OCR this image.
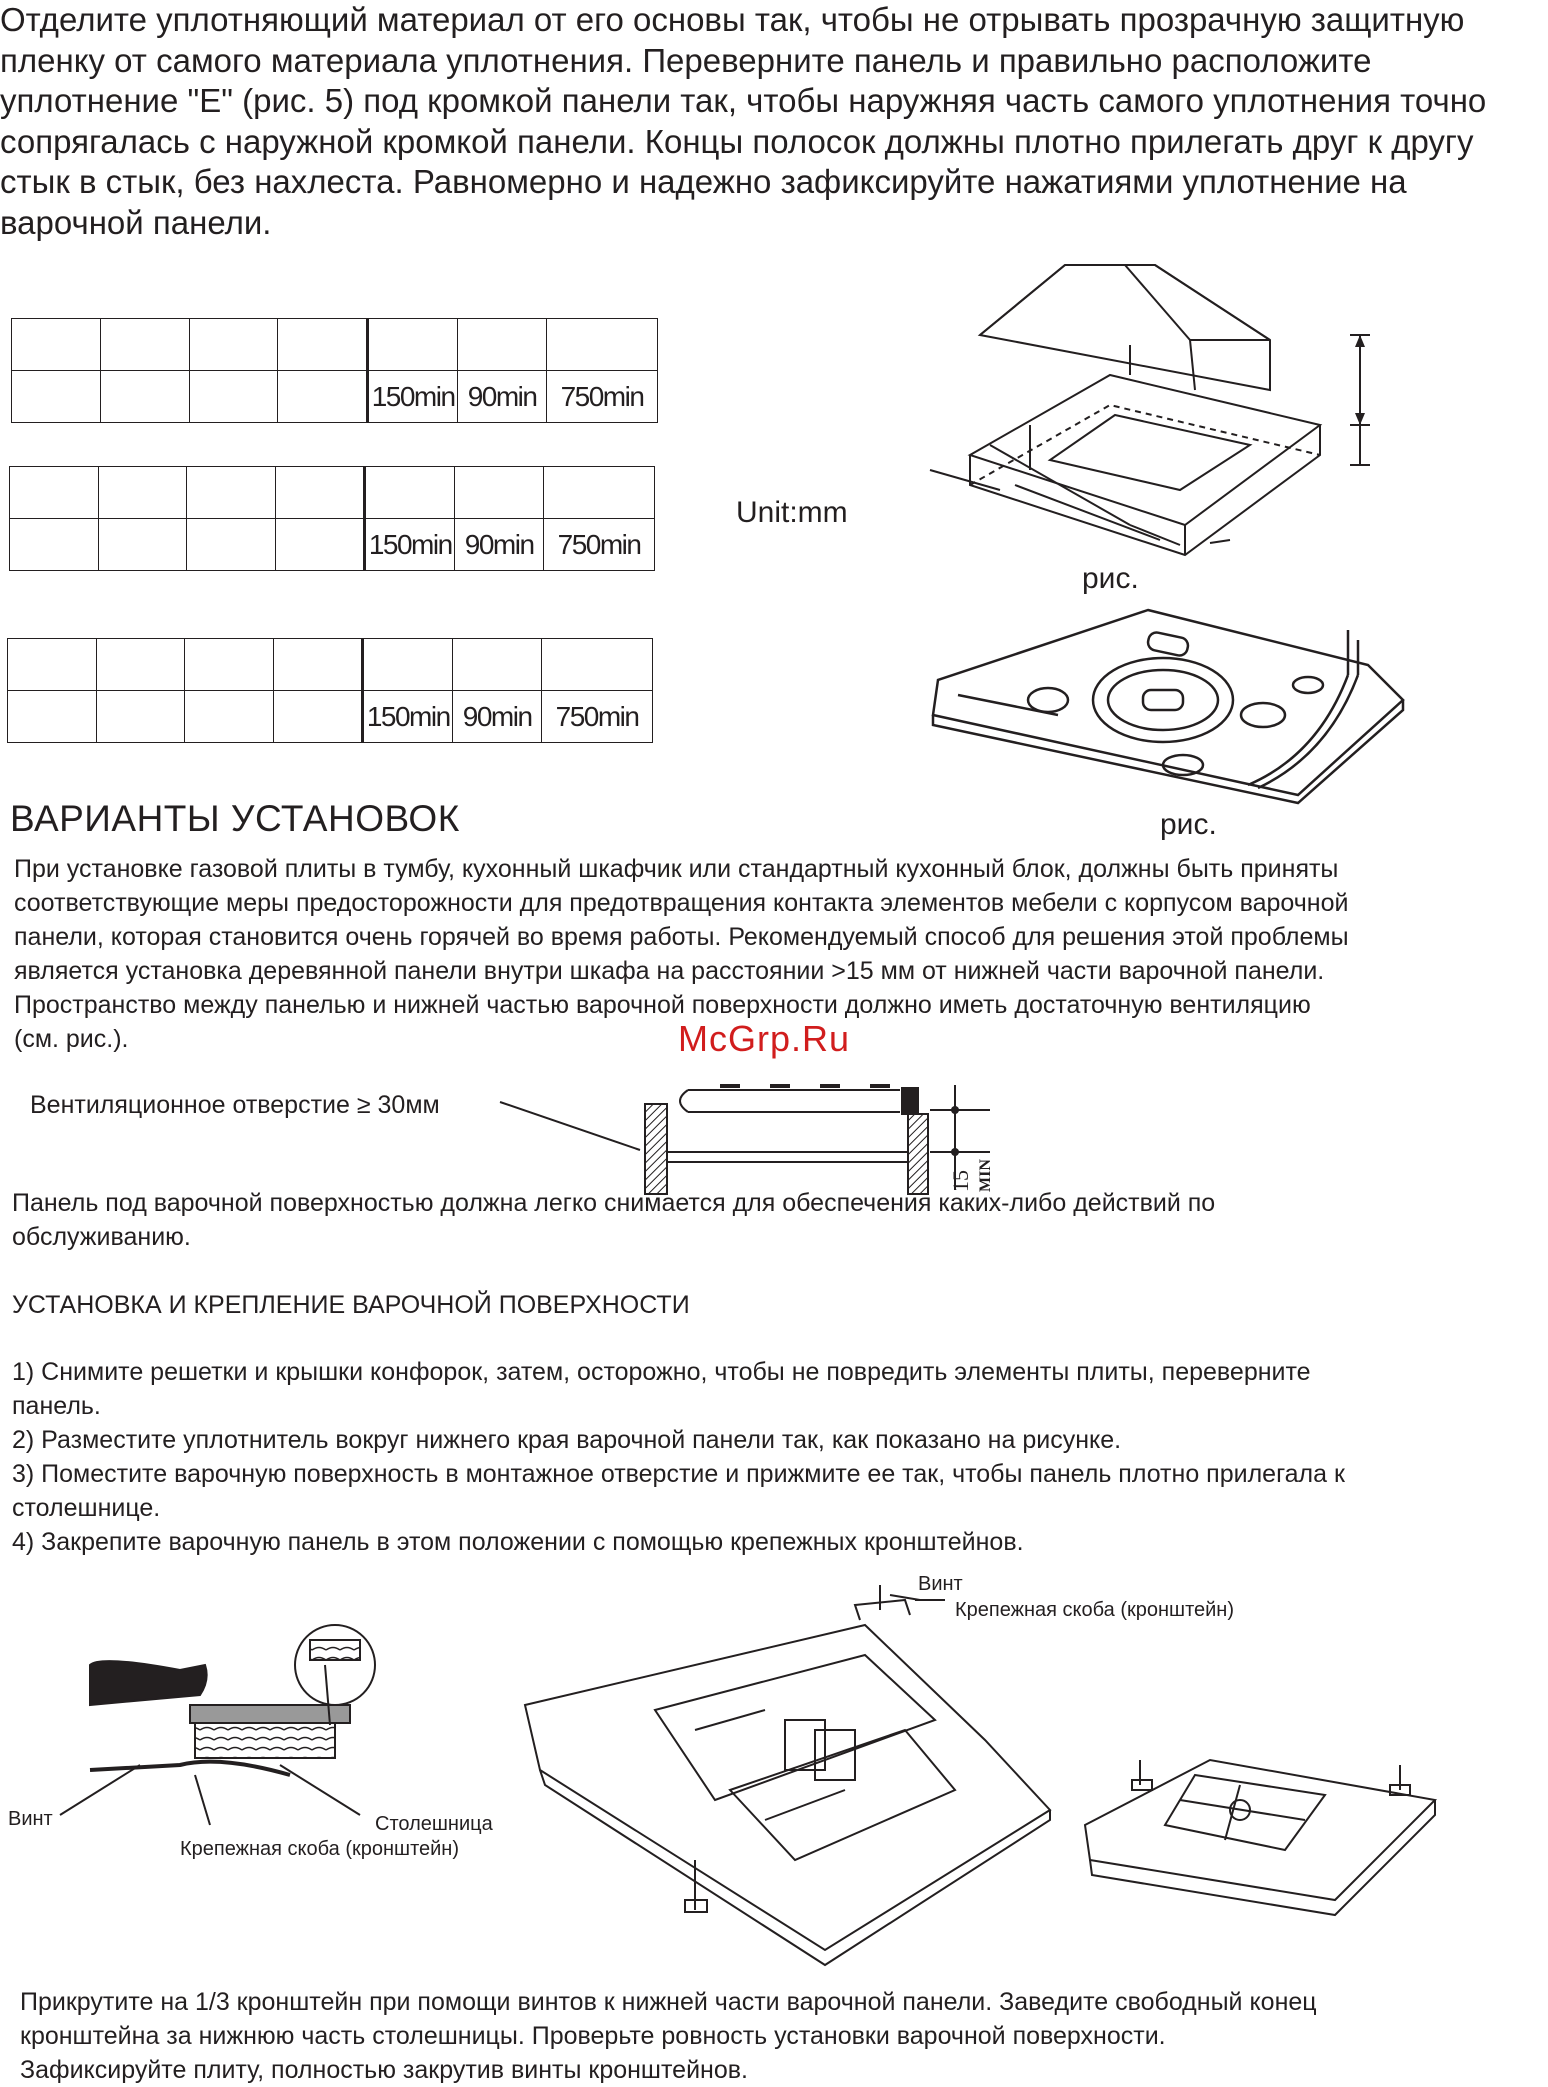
Отделите уплотняющий материал от его основы так, чтобы не отрывать прозрачную защитную

пленку от самого материала уплотнения. Переверните панель и правильно расположите

уплотнение "E" (рис. 5) под кромкой панели так, чтобы наружняя часть самого уплотнения точно

сопрягалась с наружной кромкой панели. Концы полосок должны плотно прилегать друг к другу

стык в стык, без нахлеста. Равномерно и надежно зафиксируйте нажатиями уплотнение на

варочной панели.

				150min	90min	750min

				150min	90min	750min

				150min	90min	750min
Unit:mm
рис.
рис.
ВАРИАНТЫ УСТАНОВОК

При установке газовой плиты в тумбу, кухонный шкафчик или стандартный кухонный блок, должны быть приняты

соответствующие меры предосторожности для предотвращения контакта элементов мебели с корпусом варочной

панели, которая становится очень горячей во время работы. Рекомендуемый способ для решения этой проблемы

является установка деревянной панели внутри шкафа на расстоянии >15 мм от нижней части варочной панели.

Пространство между панелью и нижней частью варочной поверхности должно иметь достаточную вентиляцию

(см. рис.).	McGrp.Ru
Вентиляционное отверстие ≥ 30мм
15 MIN

Панель под варочной поверхностью должна легко снимается для обеспечения каких-либо действий по

обслуживанию.

УСТАНОВКА И КРЕПЛЕНИЕ ВАРОЧНОЙ ПОВЕРХНОСТИ

1) Снимите решетки и крышки конфорок, затем, осторожно, чтобы не повредить элементы плиты, переверните

панель.

2) Разместите уплотнитель вокруг нижнего края варочной панели так, как показано на рисунке.

3) Поместите варочную поверхность в монтажное отверстие и прижмите ее так, чтобы панель плотно прилегала к

столешнице.

4) Закрепите варочную панель в этом положении с помощью крепежных кронштейнов.

Винт	Столешница
Крепежная скоба (кронштейн)
Винт
Крепежная скоба (кронштейн)

Прикрутите на 1/3 кронштейн при помощи винтов к нижней части варочной панели. Заведите свободный конец

кронштейна за нижнюю часть столешницы. Проверьте ровность установки варочной поверхности.

Зафиксируйте плиту, полностью закрутив винты кронштейнов.
